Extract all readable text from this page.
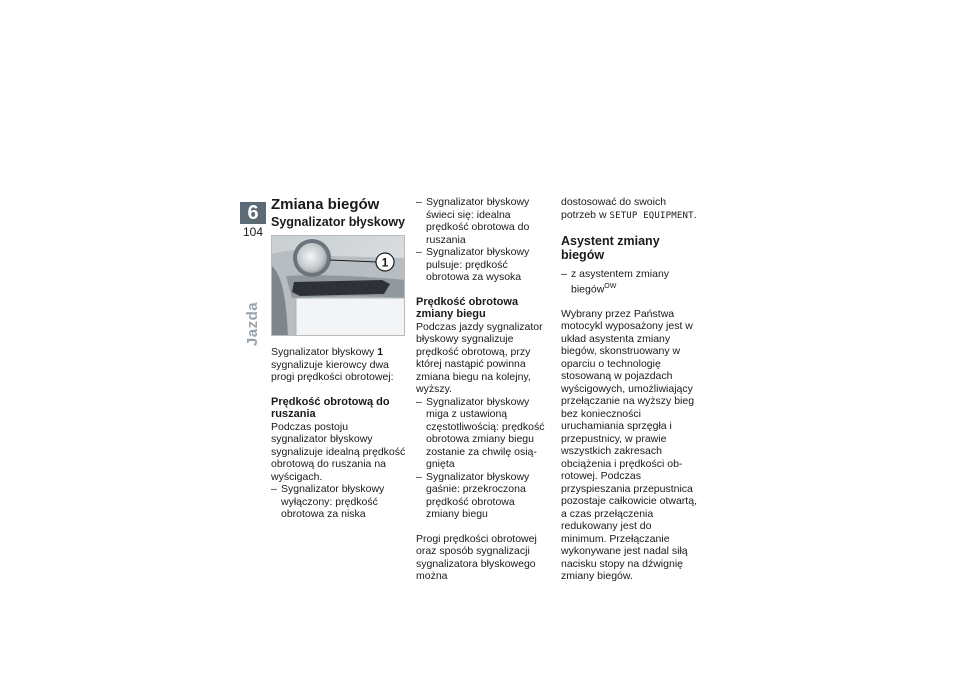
6
104
Jazda
Zmiana biegów
Sygnalizator błyskowy
1

Sygnalizator błyskowy 1 sygnalizuje kierowcy dwa progi prędkości obrotowej:

Prędkość obrotową do ruszania

Podczas postoju sygnalizator błyskowy sygnalizuje idealną prędkość obrotową do ruszania na wyścigach.

– Sygnalizator błyskowy wyłączony: prędkość obrotowa za niska
– Sygnalizator błyskowy świeci się: idealna prędkość obrotowa do ruszania
– Sygnalizator błyskowy pulsuje: prędkość obrotowa za wysoka
Prędkość obrotowa zmiany biegu

Podczas jazdy sygnalizator błyskowy sygnalizuje prędkość obrotową, przy której nastąpić powinna zmiana biegu na kolejny, wyższy.

– Sygnalizator błyskowy miga z ustawioną częstotliwością: prędkość obrotowa zmiany biegu zostanie za chwilę osiągnięta
– Sygnalizator błyskowy gaśnie: przekroczona prędkość obrotowa zmiany biegu

Progi prędkości obrotowej oraz sposób sygnalizacji sygnalizatora błyskowego można

dostosować do swoich potrzeb w SETUP EQUIPMENT.

Asystent zmiany biegów
– z asystentem zmiany biegów$^{OW}$

Wybrany przez Państwa motocykl wyposażony jest w układ asystenta zmiany biegów, skonstruowany w oparciu o technologię stosowaną w pojazdach wyścigowych, umożliwiający przełączanie na wyższy bieg bez konieczności uruchamiania sprzęgła i przepustnicy, w prawie wszystkich zakresach obciążenia i prędkości obrotowej. Podczas przyspieszania przepustnica pozostaje całkowicie otwartą, a czas przełączenia redukowany jest do minimum. Przełączanie wykonywane jest nadal siłą nacisku stopy na dźwignię zmiany biegów.
